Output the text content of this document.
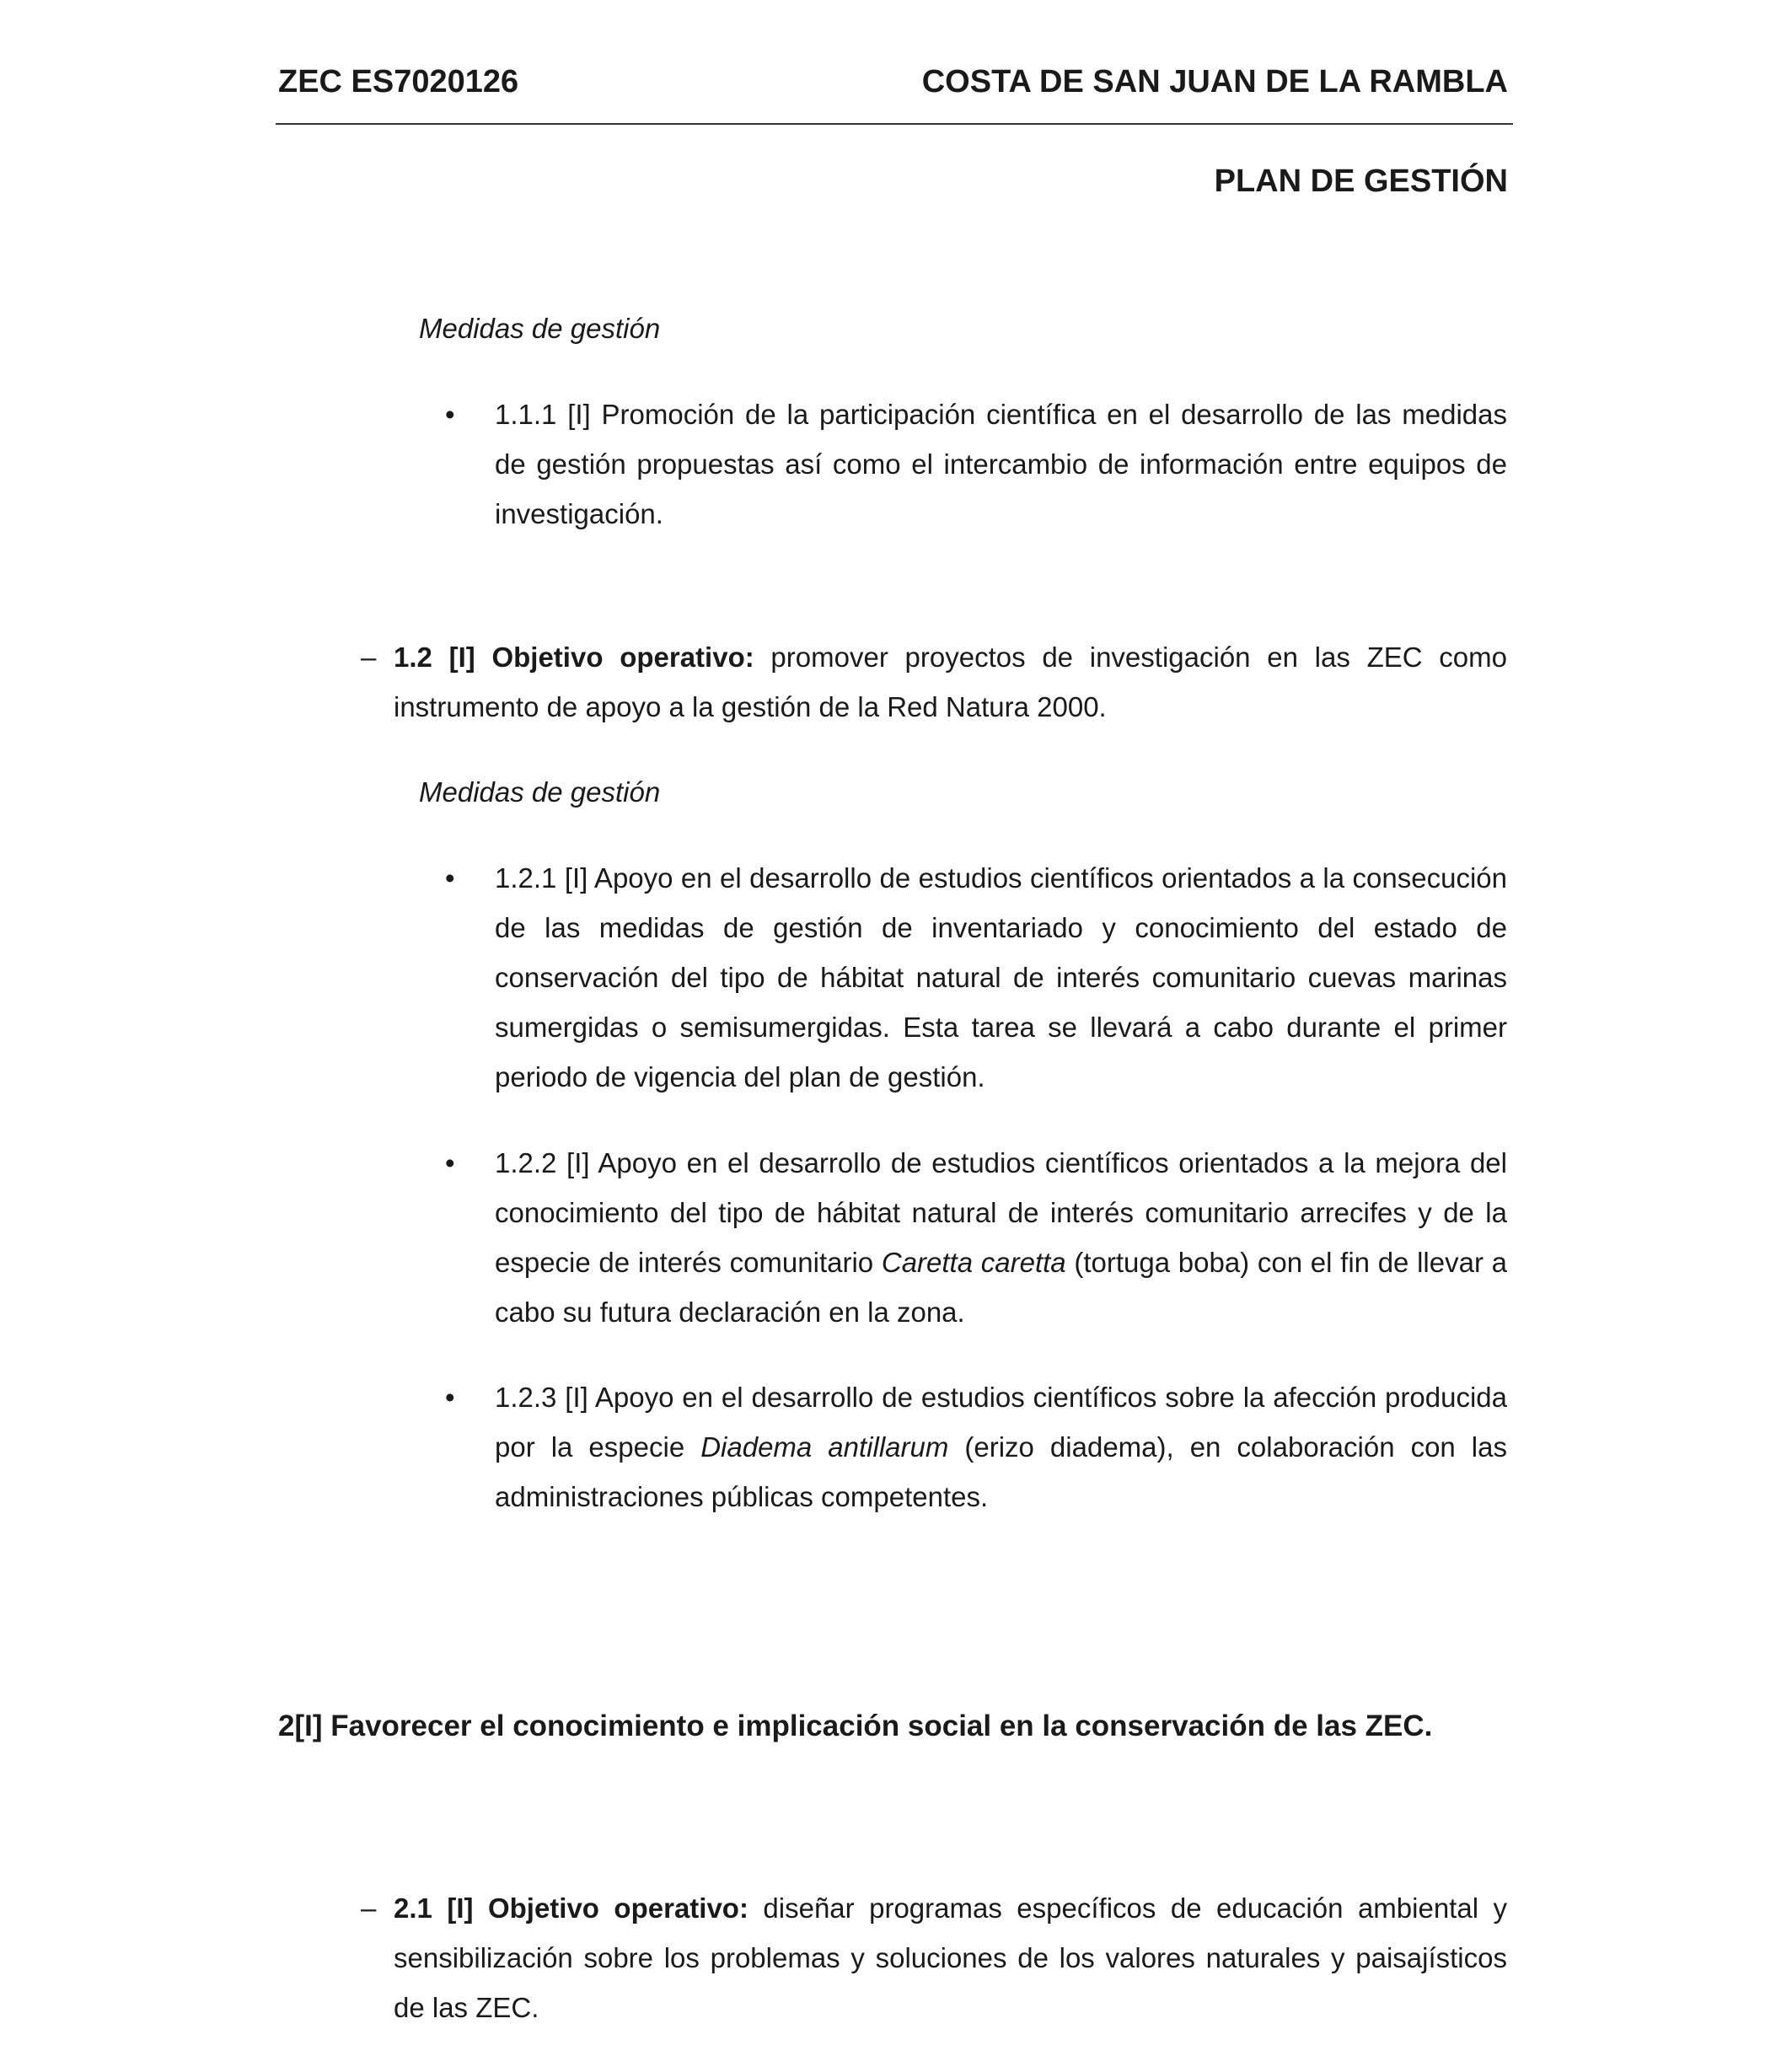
ZEC ES7020126	COSTA DE SAN JUAN DE LA RAMBLA
PLAN DE GESTIÓN
Medidas de gestión
• 1.1.1 [I] Promoción de la participación científica en el desarrollo de las medidas de gestión propuestas así como el intercambio de información entre equipos de investigación.
– 1.2 [I] Objetivo operativo: promover proyectos de investigación en las ZEC como instrumento de apoyo a la gestión de la Red Natura 2000.
Medidas de gestión
• 1.2.1 [I] Apoyo en el desarrollo de estudios científicos orientados a la consecución de las medidas de gestión de inventariado y conocimiento del estado de conservación del tipo de hábitat natural de interés comunitario cuevas marinas sumergidas o semisumergidas. Esta tarea se llevará a cabo durante el primer periodo de vigencia del plan de gestión.
• 1.2.2 [I] Apoyo en el desarrollo de estudios científicos orientados a la mejora del conocimiento del tipo de hábitat natural de interés comunitario arrecifes y de la especie de interés comunitario Caretta caretta (tortuga boba) con el fin de llevar a cabo su futura declaración en la zona.
• 1.2.3 [I] Apoyo en el desarrollo de estudios científicos sobre la afección producida por la especie Diadema antillarum (erizo diadema), en colaboración con las administraciones públicas competentes.
2[I] Favorecer el conocimiento e implicación social en la conservación de las ZEC.
– 2.1 [I] Objetivo operativo: diseñar programas específicos de educación ambiental y sensibilización sobre los problemas y soluciones de los valores naturales y paisajísticos de las ZEC.
